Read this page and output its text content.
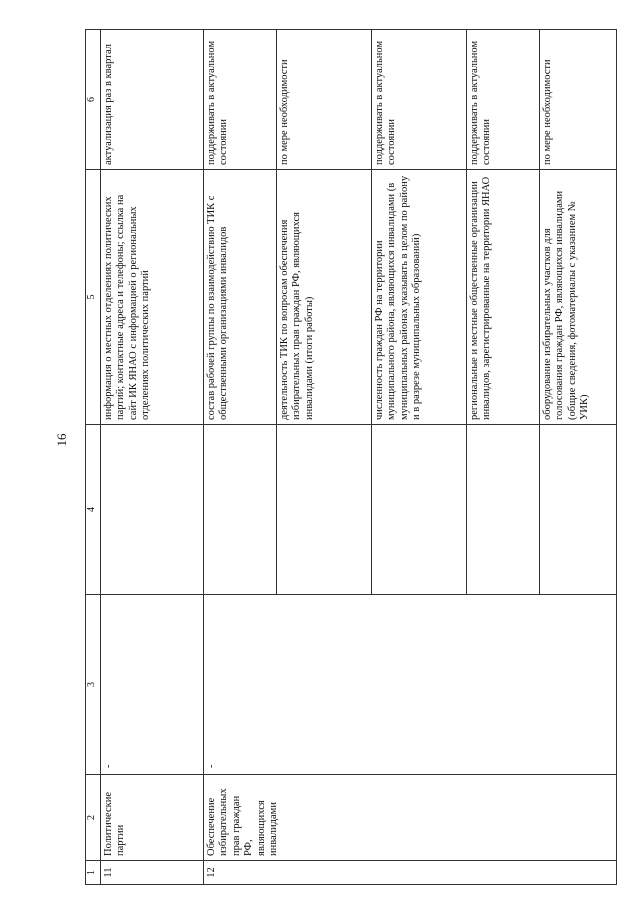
16
1	2	3	4	5	6
11	Политические партии	-		информация о местных отделениях политических партий; контактные адреса и телефоны; ссылка на сайт ИК ЯНАО с информацией о региональных отделениях политических партий	актуализация раз в квартал
12	Обеспечение избирательных прав граждан РФ,
являющихся инвалидами	-		состав рабочей группы по взаимодействию ТИК с общественными организациями инвалидов	поддерживать в актуальном состоянии
				деятельность ТИК по вопросам обеспечения избирательных прав граждан РФ, являющихся инвалидами (итоги работы)	по мере необходимости
				численность граждан РФ на территории муниципального района, являющихся инвалидами (в муниципальных районах указывать в целом по району и в разрезе муниципальных образований)	поддерживать в актуальном состоянии
				региональные и местные общественные организации инвалидов, зарегистрированные на территории ЯНАО	поддерживать в актуальном состоянии
				оборудование избирательных участков для голосования граждан РФ, являющихся инвалидами (общие сведения, фотоматериалы с указанием № УИК)	по мере необходимости
